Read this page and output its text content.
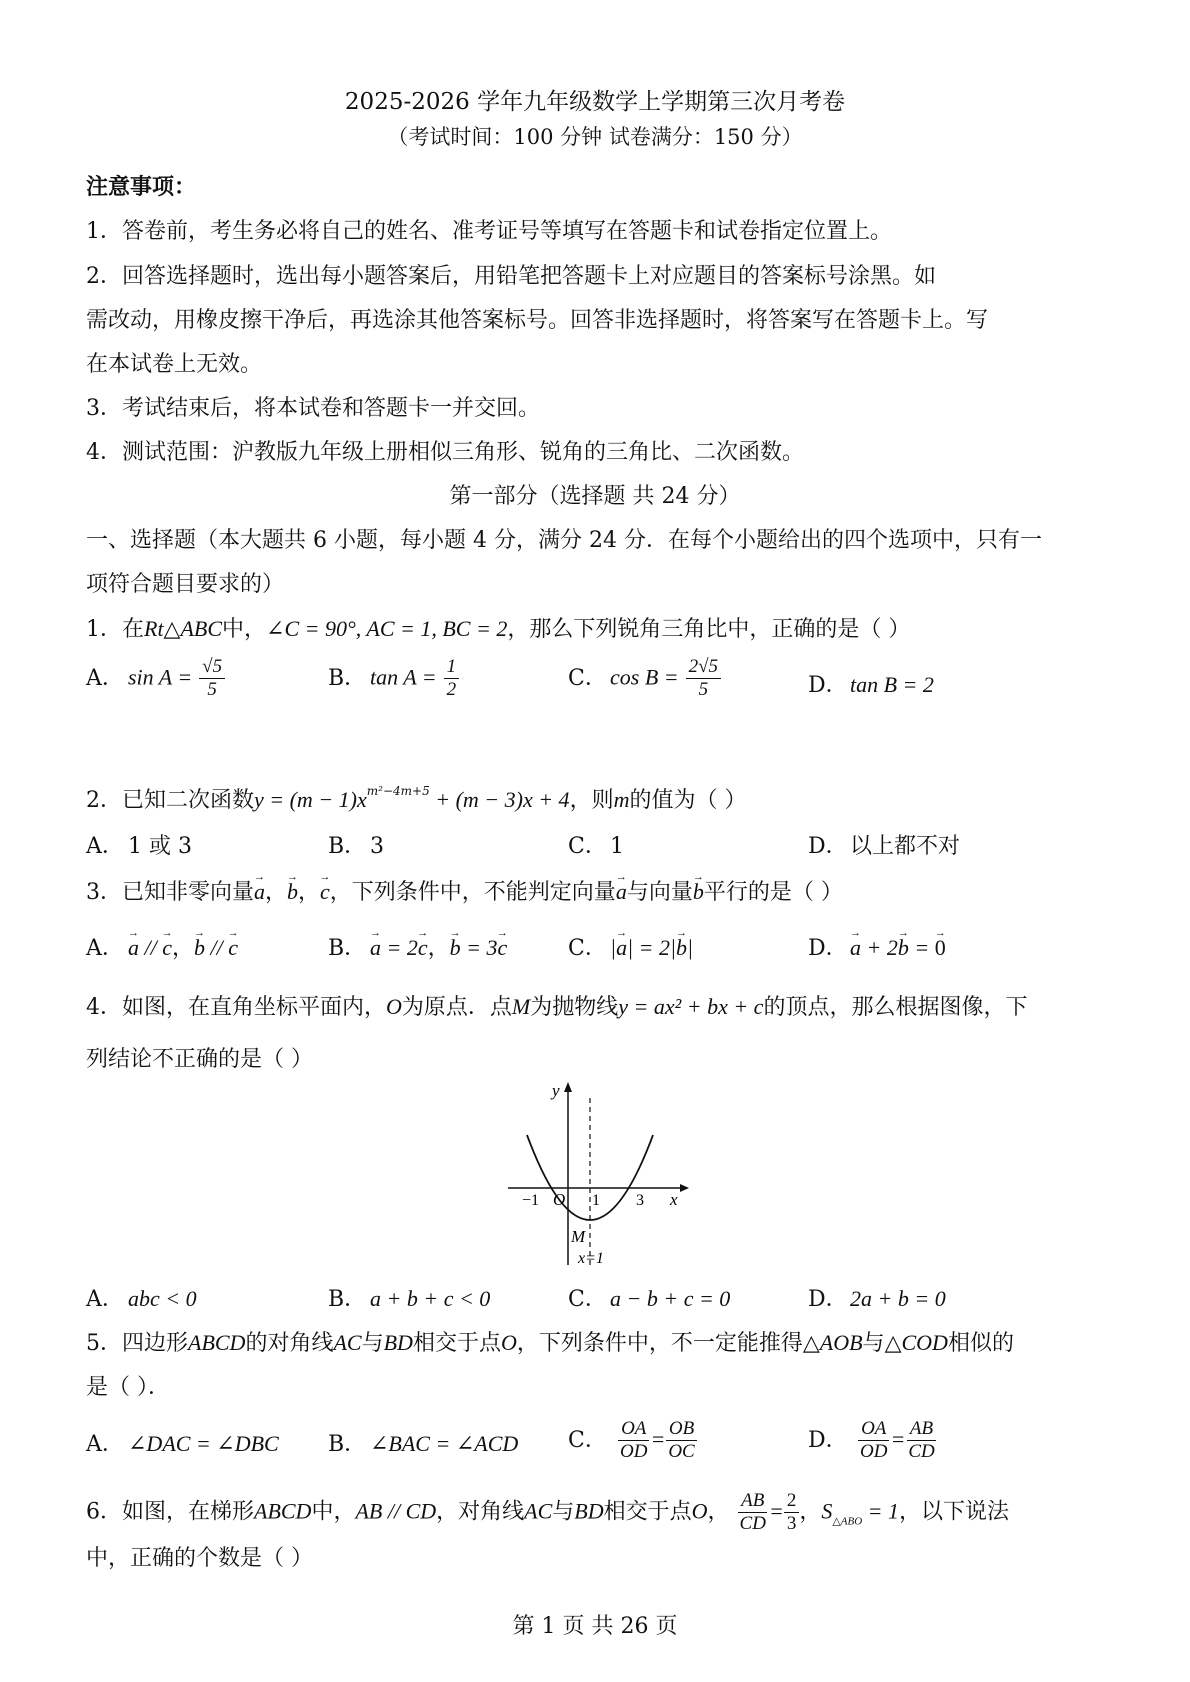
2025-2026 学年九年级数学上学期第三次月考卷
（考试时间：100 分钟 试卷满分：150 分）
注意事项：
1．答卷前，考生务必将自己的姓名、准考证号等填写在答题卡和试卷指定位置上。
2．回答选择题时，选出每小题答案后，用铅笔把答题卡上对应题目的答案标号涂黑。如
需改动，用橡皮擦干净后，再选涂其他答案标号。回答非选择题时，将答案写在答题卡上。写
在本试卷上无效。
3．考试结束后，将本试卷和答题卡一并交回。
4．测试范围：沪教版九年级上册相似三角形、锐角的三角比、二次函数。
第一部分（选择题 共 24 分）
一、选择题（本大题共 6 小题，每小题 4 分，满分 24 分．在每个小题给出的四个选项中，只有一
项符合题目要求的）
1．在Rt△ABC中，∠C = 90°, AC = 1, BC = 2，那么下列锐角三角比中，正确的是（ ）
A． $\sin A = \frac{√5}{5}$	B． $\tan A = \frac{1}{2}$	C． $\cos B = \frac{2√5}{5}$	D． tan B = 2
2．已知二次函数$y = (m - 1)x^{m^2-4m+5} + (m - 3)x + 4$，则m的值为（ ）
A． 1 或 3	B． 3	C． 1	D． 以上都不对
3．已知非零向量→ a，→ b，→ c，下列条件中，不能判定向量→ a与向量→ b平行的是（ ）
A． → a // → c，→ b // → c	B． → a = 2→ c，→ b = 3→ c	C． |→ a| = 2|→ b|	D． → a + 2→ b = → 0
4．如图，在直角坐标平面内，O为原点．点M为抛物线y = ax² + bx + c的顶点，那么根据图像，下
列结论不正确的是（ ）
y
x
O
−1	1 3
M
x=1
A． abc < 0	B． a + b + c < 0	C． a − b + c = 0	D． 2a + b = 0
5．四边形ABCD的对角线AC与BD相交于点O，下列条件中，不一定能推得△AOB与△COD相似的
是（ ）．
A． ∠DAC = ∠DBC B． ∠BAC = ∠ACD C． $\frac{OA}{OD} = \frac{OB}{OC}$	D． $\frac{OA}{OD} = \frac{AB}{CD}$
6．如图，在梯形ABCD中，AB // CD，对角线AC与BD相交于点O， $\frac{AB}{CD} = \frac{2}{3}$ ，$S_{\triangle ABO} = 1$，以下说法
中，正确的个数是（ ）
第 1 页 共 26 页
